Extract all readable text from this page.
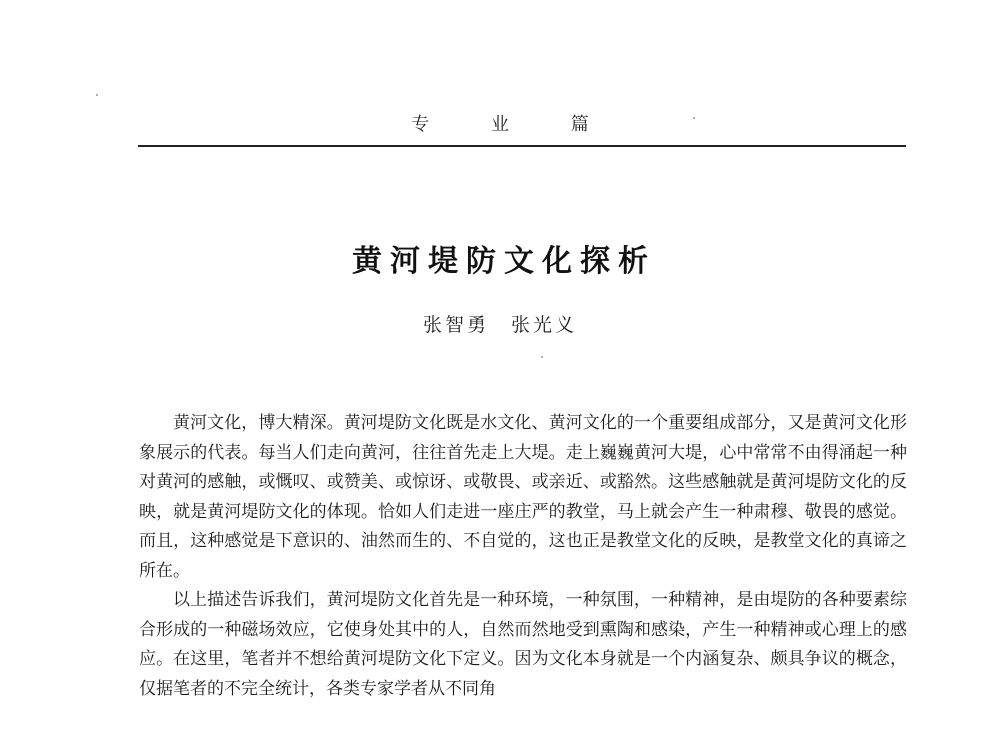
专 业 篇
黄河堤防文化探析
张智勇 张光义

黄河文化，博大精深。黄河堤防文化既是水文化、黄河文化的一个重要组成部分，又是黄河文化形象展示的代表。每当人们走向黄河，往往首先走上大堤。走上巍巍黄河大堤，心中常常不由得涌起一种对黄河的感触，或慨叹、或赞美、或惊讶、或敬畏、或亲近、或豁然。这些感触就是黄河堤防文化的反映，就是黄河堤防文化的体现。恰如人们走进一座庄严的教堂，马上就会产生一种肃穆、敬畏的感觉。而且，这种感觉是下意识的、油然而生的、不自觉的，这也正是教堂文化的反映，是教堂文化的真谛之所在。

以上描述告诉我们，黄河堤防文化首先是一种环境，一种氛围，一种精神，是由堤防的各种要素综合形成的一种磁场效应，它使身处其中的人，自然而然地受到熏陶和感染，产生一种精神或心理上的感应。在这里，笔者并不想给黄河堤防文化下定义。因为文化本身就是一个内涵复杂、颇具争议的概念，仅据笔者的不完全统计，各类专家学者从不同角
